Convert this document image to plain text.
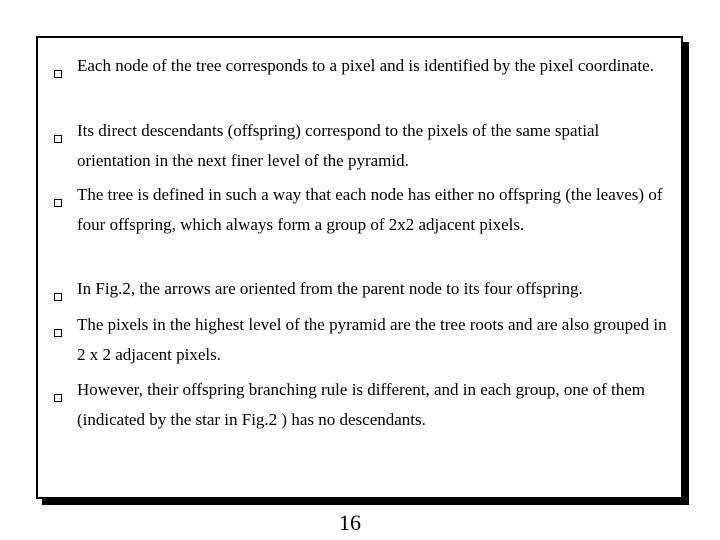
Each node of the tree corresponds to a pixel and is identified by the pixel coordinate.
Its direct descendants (offspring) correspond to the pixels of the same spatial orientation in the next finer level of the pyramid.
The tree is defined in such a way that each node has either no offspring (the leaves) of four offspring, which always form a group of 2x2 adjacent pixels.
In Fig.2, the arrows are oriented from the parent node to its four offspring.
The pixels in the highest level of the pyramid are the tree roots and are also grouped in 2 x 2 adjacent pixels.
However, their offspring branching rule is different, and in each group, one of them (indicated by the star in Fig.2 ) has no descendants.
16
